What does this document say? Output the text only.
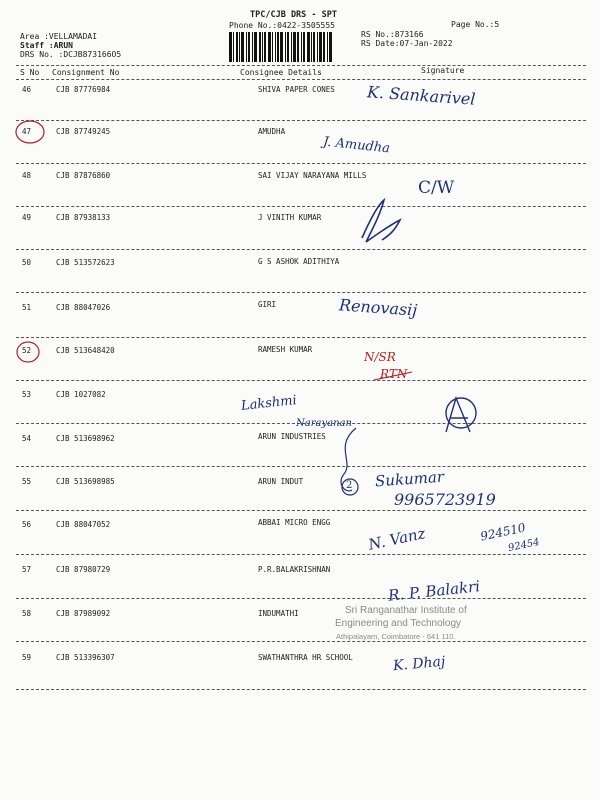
TPC/CJB DRS - SPT
Phone No.:0422-3505555	Page No.:5
Area :VELLAMADAI
Staff :ARUN
DRS No. :DCJB873166O5
RS No.:873166
RS Date:07-Jan-2022
S No Consignment No	Consignee Details	Signature
46	CJB 87776984	SHIVA PAPER CONES
47	CJB 87749245	AMUDHA
48	CJB 87876860	SAI VIJAY NARAYANA MILLS
49	CJB 87938133	J VINITH KUMAR
50	CJB 513572623	G S ASHOK ADITHIYA
51	CJB 88047026	GIRI
52	CJB 513648420	RAMESH KUMAR
53	CJB 1027082
54	CJB 513698962	ARUN INDUSTRIES
55	CJB 513698985	ARUN INDUT
56	CJB 88047052	ABBAI MICRO ENGG
57	CJB 87980729	P.R.BALAKRISHNAN
58	CJB 87989092	INDUMATHI
59	CJB 513396307	SWATHANTHRA HR SCHOOL
Sri Ranganathar Institute of
Engineering and Technology
Athipalayam, Coimbatore - 641 110.
K. Sankarivel
J. Amudha
C/W
Renovasij
N/SR
RTN
Lakshmi
Narayanan
2 Sukumar
9965723919
N. Vanz	924510
92454
R. P. Balakri
K. Dhaj
